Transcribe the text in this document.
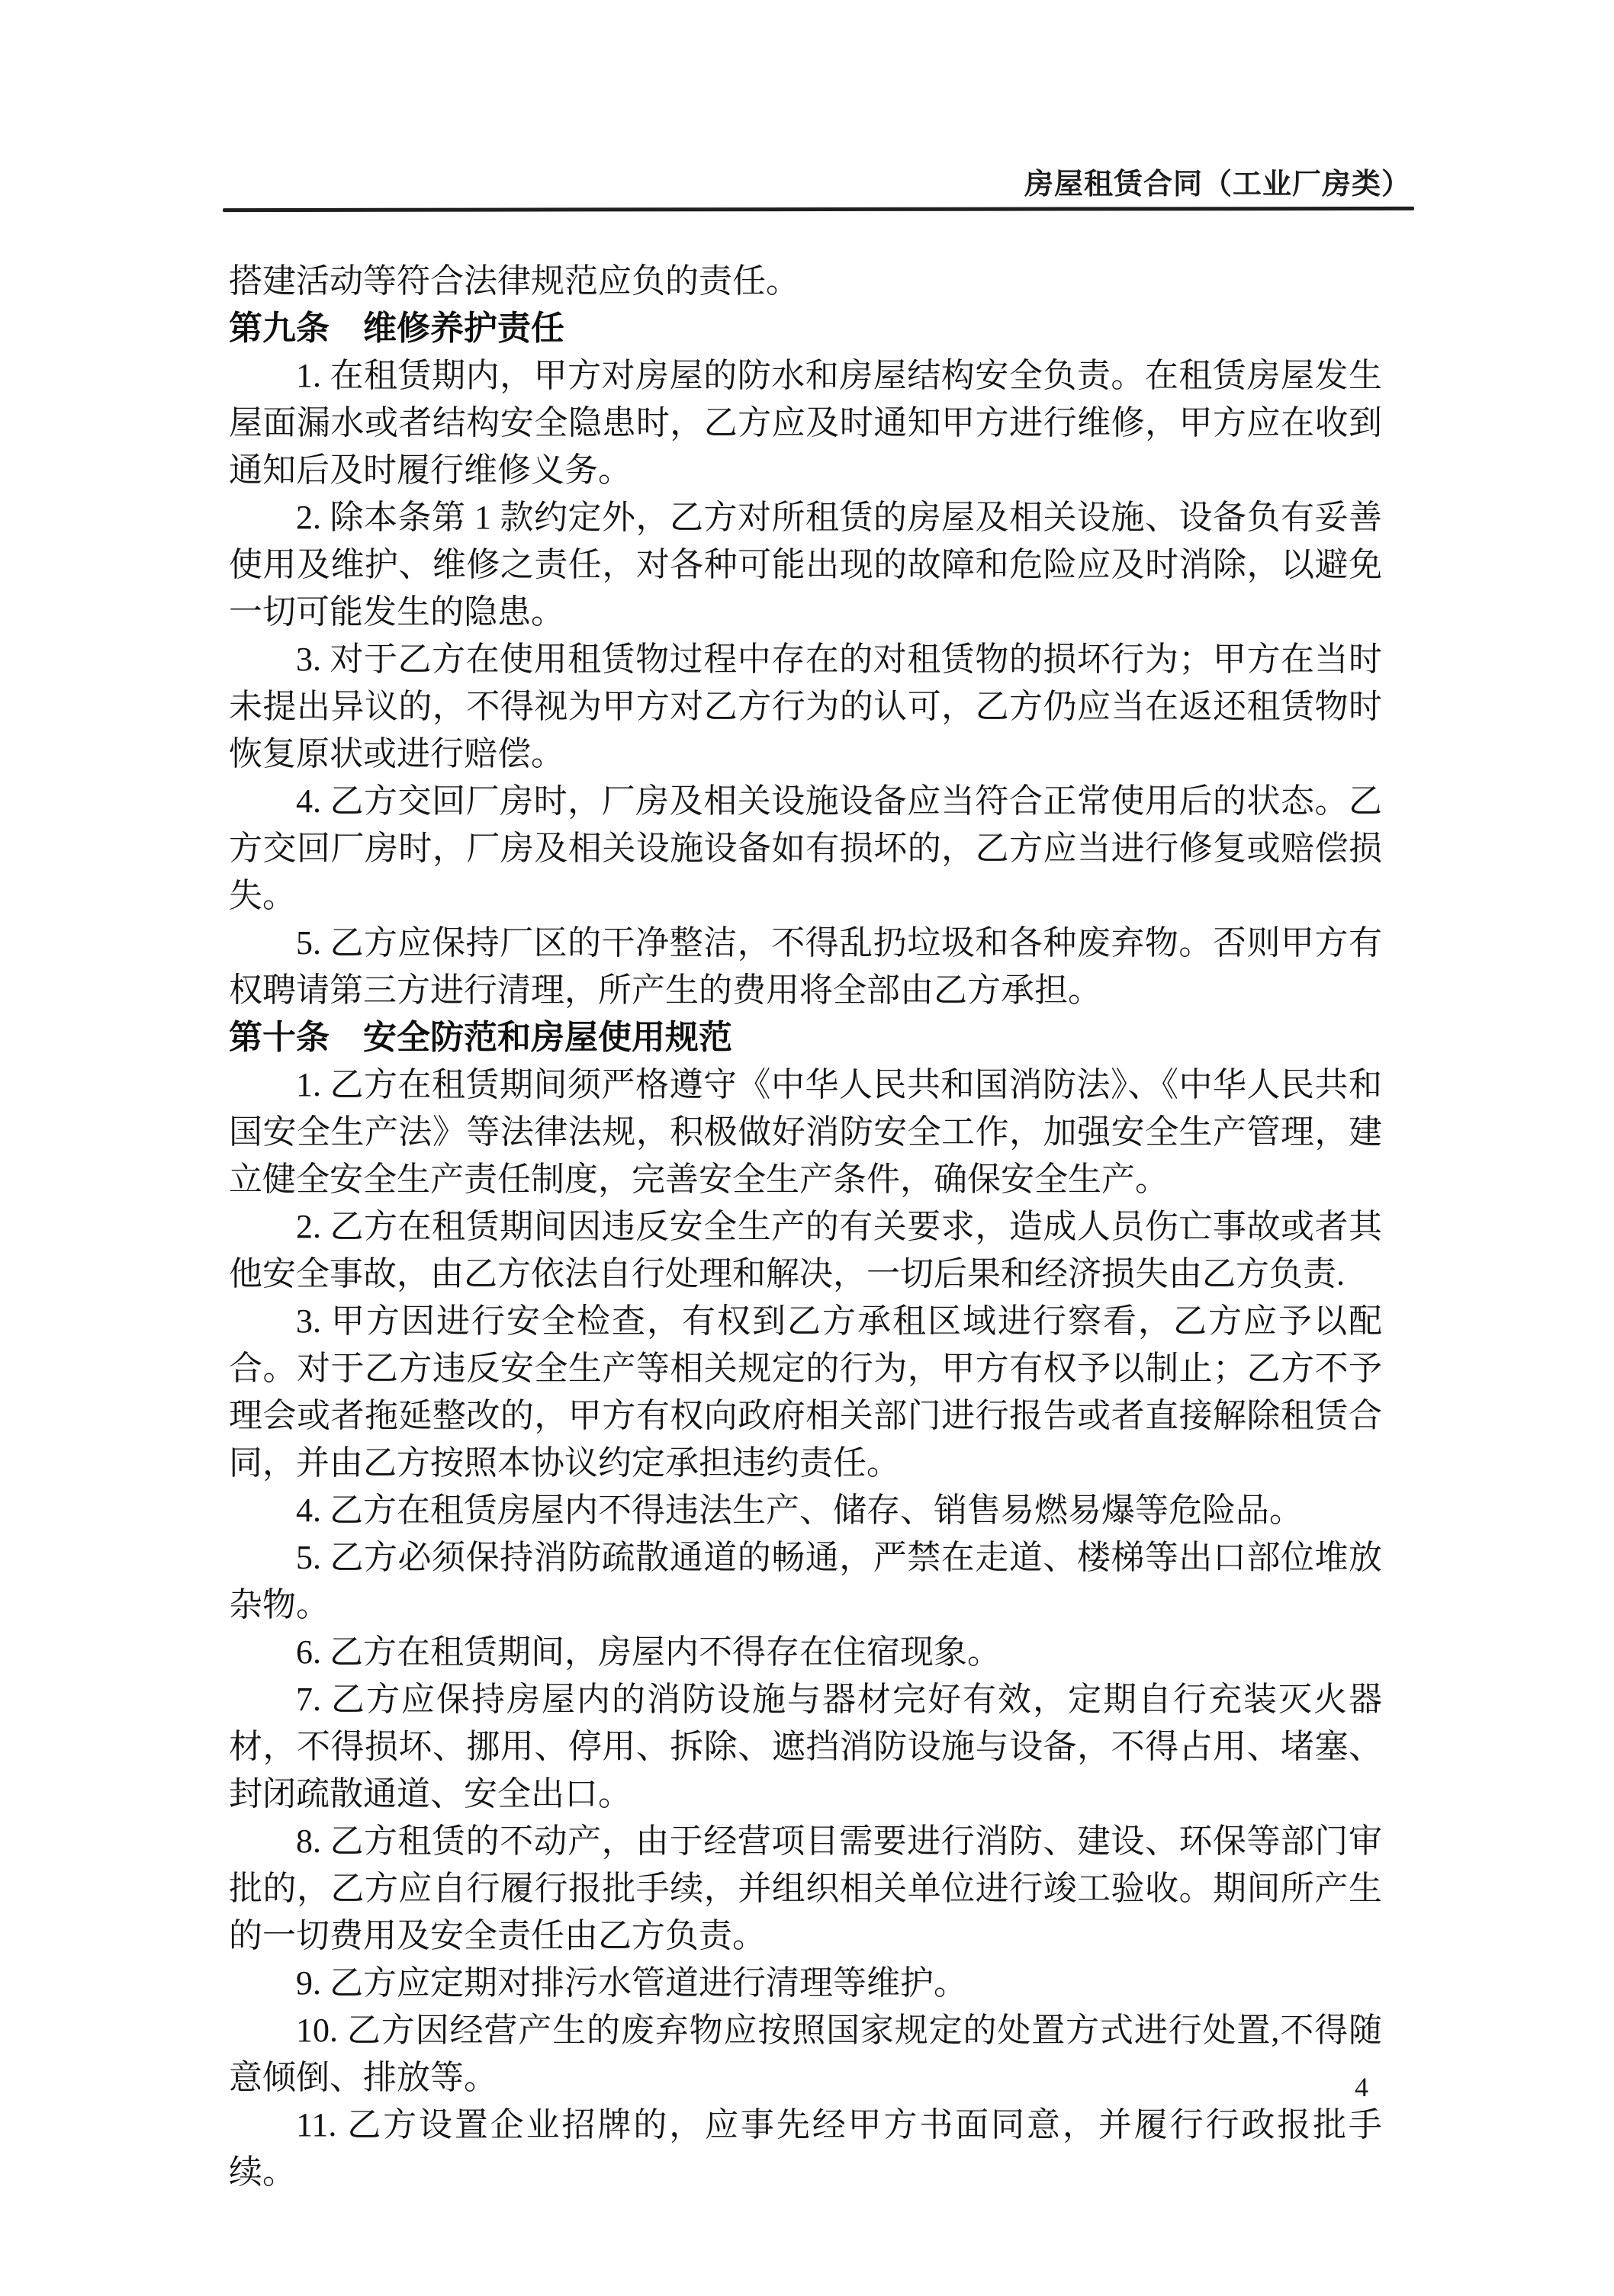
房屋租赁合同（工业厂房类）

搭建活动等符合法律规范应负的责任。

第九条　维修养护责任

1. 在租赁期内，甲方对房屋的防水和房屋结构安全负责。在租赁房屋发生屋面漏水或者结构安全隐患时，乙方应及时通知甲方进行维修，甲方应在收到通知后及时履行维修义务。

2. 除本条第 1 款约定外，乙方对所租赁的房屋及相关设施、设备负有妥善使用及维护、维修之责任，对各种可能出现的故障和危险应及时消除，以避免一切可能发生的隐患。

3. 对于乙方在使用租赁物过程中存在的对租赁物的损坏行为；甲方在当时未提出异议的，不得视为甲方对乙方行为的认可，乙方仍应当在返还租赁物时恢复原状或进行赔偿。

4. 乙方交回厂房时，厂房及相关设施设备应当符合正常使用后的状态。乙方交回厂房时，厂房及相关设施设备如有损坏的，乙方应当进行修复或赔偿损失。

5. 乙方应保持厂区的干净整洁，不得乱扔垃圾和各种废弃物。否则甲方有权聘请第三方进行清理，所产生的费用将全部由乙方承担。

第十条　安全防范和房屋使用规范

1. 乙方在租赁期间须严格遵守《中华人民共和国消防法》、《中华人民共和国安全生产法》等法律法规，积极做好消防安全工作，加强安全生产管理，建立健全安全生产责任制度，完善安全生产条件，确保安全生产。

2. 乙方在租赁期间因违反安全生产的有关要求，造成人员伤亡事故或者其他安全事故，由乙方依法自行处理和解决，一切后果和经济损失由乙方负责.

3. 甲方因进行安全检查，有权到乙方承租区域进行察看，乙方应予以配合。对于乙方违反安全生产等相关规定的行为，甲方有权予以制止；乙方不予理会或者拖延整改的，甲方有权向政府相关部门进行报告或者直接解除租赁合同，并由乙方按照本协议约定承担违约责任。

4. 乙方在租赁房屋内不得违法生产、储存、销售易燃易爆等危险品。

5. 乙方必须保持消防疏散通道的畅通，严禁在走道、楼梯等出口部位堆放杂物。

6. 乙方在租赁期间，房屋内不得存在住宿现象。

7. 乙方应保持房屋内的消防设施与器材完好有效，定期自行充装灭火器材，不得损坏、挪用、停用、拆除、遮挡消防设施与设备，不得占用、堵塞、封闭疏散通道、安全出口。

8. 乙方租赁的不动产，由于经营项目需要进行消防、建设、环保等部门审批的，乙方应自行履行报批手续，并组织相关单位进行竣工验收。期间所产生的一切费用及安全责任由乙方负责。

9. 乙方应定期对排污水管道进行清理等维护。

10. 乙方因经营产生的废弃物应按照国家规定的处置方式进行处置,不得随意倾倒、排放等。

11. 乙方设置企业招牌的，应事先经甲方书面同意，并履行行政报批手续。

4
